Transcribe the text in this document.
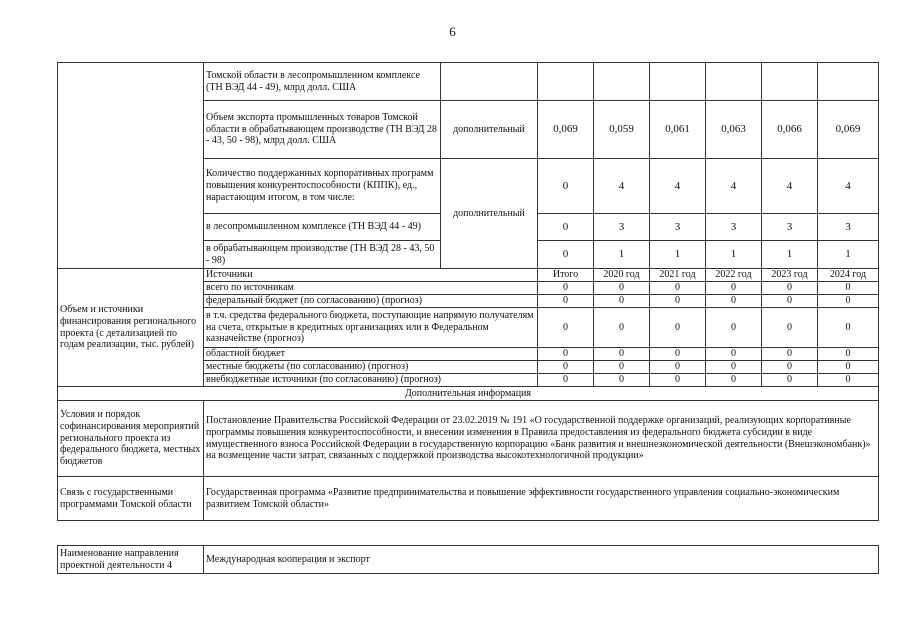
6
	Томской области в лесопромышленном комплексе (ТН ВЭД 44 - 49), млрд долл. США							
	Объем экспорта промышленных товаров Томской области в обрабатывающем производстве (ТН ВЭД 28 - 43, 50 - 98), млрд долл. США	дополнительный	0,069	0,059	0,061	0,063	0,066	0,069
	Количество поддержанных корпоративных программ повышения конкурентоспособности (КППК), ед., нарастающим итогом, в том числе:	дополнительный	0	4	4	4	4	4
	в лесопромышленном комплексе (ТН ВЭД 44 - 49)		0	3	3	3	3	3
	в обрабатывающем производстве (ТН ВЭД 28 - 43, 50 - 98)		0	1	1	1	1	1
Объем и источники финансирования регионального проекта (с детализацией по годам реализации, тыс. рублей)	Источники		Итого	2020 год	2021 год	2022 год	2023 год	2024 год
	всего по источникам		0	0	0	0	0	0
	федеральный бюджет (по согласованию) (прогноз)		0	0	0	0	0	0
	в т.ч. средства федерального бюджета, поступающие напрямую получателям на счета, открытые в кредитных организациях или в Федеральном казначействе (прогноз)		0	0	0	0	0	0
	областной бюджет		0	0	0	0	0	0
	местные бюджеты (по согласованию) (прогноз)		0	0	0	0	0	0
	внебюджетные источники (по согласованию) (прогноз)		0	0	0	0	0	0
Дополнительная информация								
Условия и порядок софинансирования мероприятий регионального проекта из федерального бюджета, местных бюджетов	Постановление Правительства Российской Федерации от 23.02.2019 № 191 «О государственной поддержке организаций, реализующих корпоративные программы повышения конкурентоспособности, и внесении изменения в Правила предоставления из федерального бюджета субсидии в виде имущественного взноса Российской Федерации в государственную корпорацию «Банк развития и внешнеэкономической деятельности (Внешэкономбанк)» на возмещение части затрат, связанных с поддержкой производства высокотехнологичной продукции»							
Связь с государственными программами Томской области	Государственная программа «Развитие предпринимательства и повышение эффективности государственного управления социально-экономическим развитием Томской области»							
Наименование направления проектной деятельности 4	Международная кооперация и экспорт
